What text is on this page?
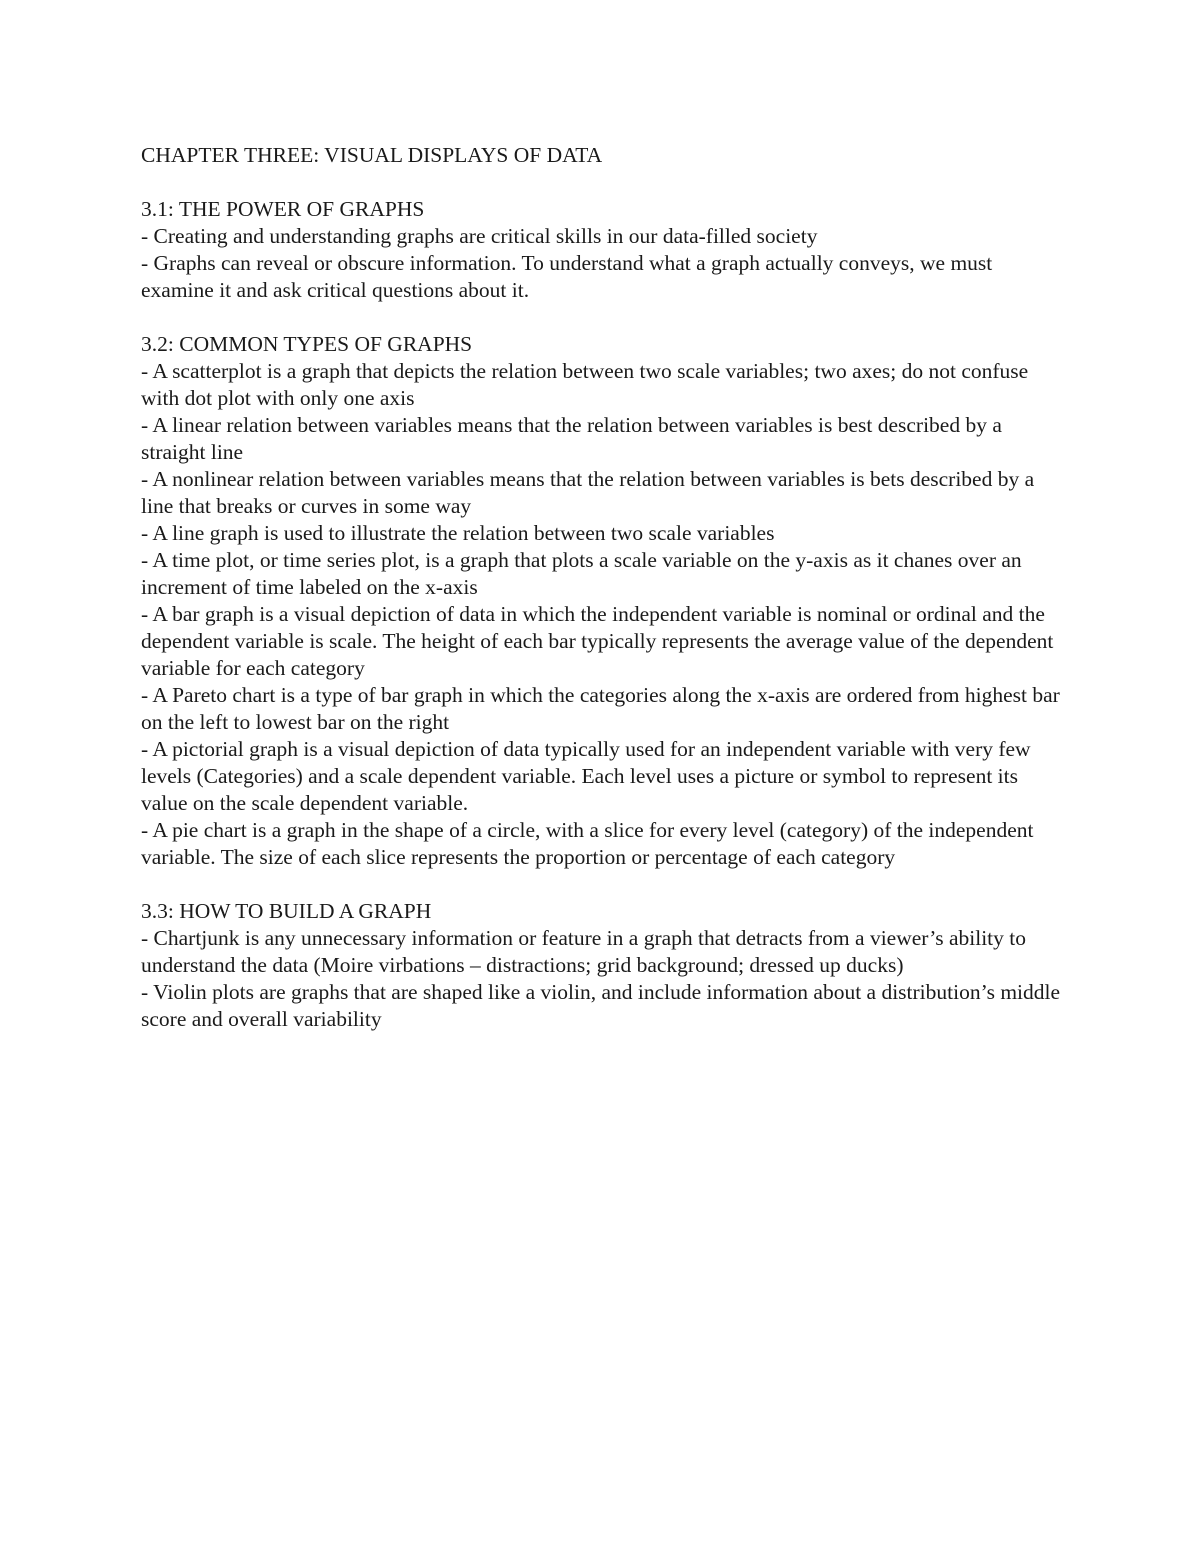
CHAPTER THREE: VISUAL DISPLAYS OF DATA
3.1: THE POWER OF GRAPHS
- Creating and understanding graphs are critical skills in our data-filled society
- Graphs can reveal or obscure information. To understand what a graph actually conveys, we must examine it and ask critical questions about it.
3.2: COMMON TYPES OF GRAPHS
- A scatterplot is a graph that depicts the relation between two scale variables; two axes; do not confuse with dot plot with only one axis
- A linear relation between variables means that the relation between variables is best described by a straight line
- A nonlinear relation between variables means that the relation between variables is bets described by a line that breaks or curves in some way
- A line graph is used to illustrate the relation between two scale variables
- A time plot, or time series plot, is a graph that plots a scale variable on the y-axis as it chanes over an increment of time labeled on the x-axis
- A bar graph is a visual depiction of data in which the independent variable is nominal or ordinal and the dependent variable is scale. The height of each bar typically represents the average value of the dependent variable for each category
- A Pareto chart is a type of bar graph in which the categories along the x-axis are ordered from highest bar on the left to lowest bar on the right
- A pictorial graph is a visual depiction of data typically used for an independent variable with very few levels (Categories) and a scale dependent variable. Each level uses a picture or symbol to represent its value on the scale dependent variable.
- A pie chart is a graph in the shape of a circle, with a slice for every level (category) of the independent variable. The size of each slice represents the proportion or percentage of each category
3.3: HOW TO BUILD A GRAPH
- Chartjunk is any unnecessary information or feature in a graph that detracts from a viewer’s ability to understand the data (Moire virbations – distractions; grid background; dressed up ducks)
- Violin plots are graphs that are shaped like a violin, and include information about a distribution’s middle score and overall variability
